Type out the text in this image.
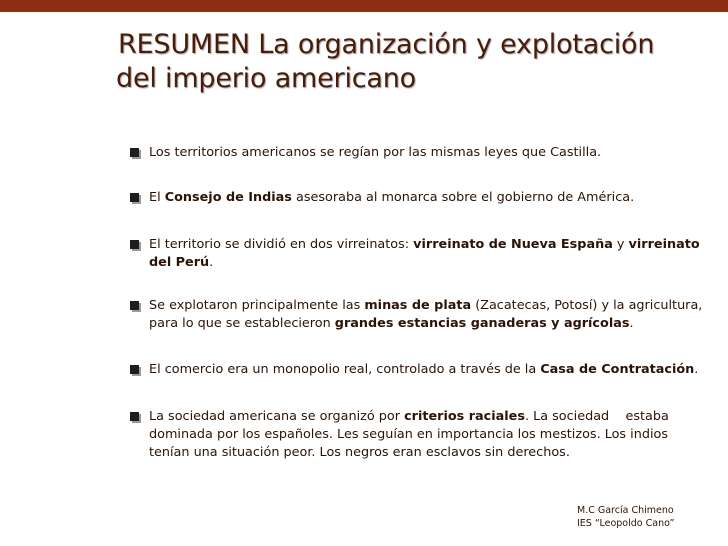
RESUMEN La organización y explotación
del imperio americano
Los territorios americanos se regían por las mismas leyes que Castilla.
El Consejo de Indias asesoraba al monarca sobre el gobierno de América.
El territorio se dividió en dos virreinatos: virreinato de Nueva España y virreinato
del Perú.
Se explotaron principalmente las minas de plata (Zacatecas, Potosí) y la agricultura,
para lo que se establecieron grandes estancias ganaderas y agrícolas.
El comercio era un monopolio real, controlado a través de la Casa de Contratación.
La sociedad americana se organizó por criterios raciales. La sociedad    estaba
dominada por los españoles. Les seguían en importancia los mestizos. Los indios
tenían una situación peor. Los negros eran esclavos sin derechos.
M.C García Chimeno
IES “Leopoldo Cano”
